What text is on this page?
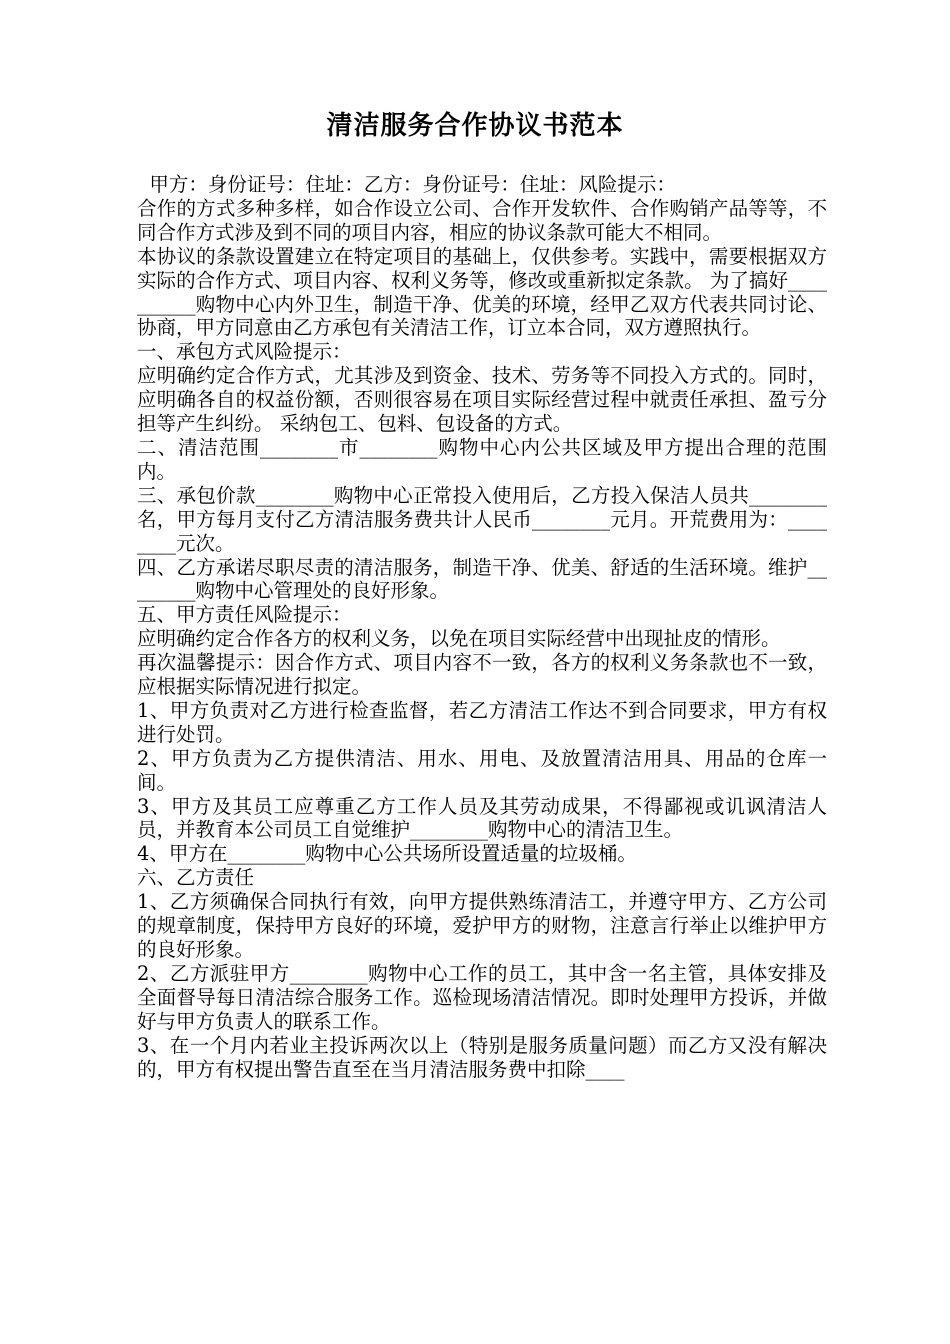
清洁服务合作协议书范本

甲方：身份证号：住址：乙方：身份证号：住址：风险提示：

合作的方式多种多样，如合作设立公司、合作开发软件、合作购销产品等等，不同合作方式涉及到不同的项目内容，相应的协议条款可能大不相同。

本协议的条款设置建立在特定项目的基础上，仅供参考。实践中，需要根据双方实际的合作方式、项目内容、权利义务等，修改或重新拟定条款。 为了搞好__________购物中心内外卫生，制造干净、优美的环境，经甲乙双方代表共同讨论、协商，甲方同意由乙方承包有关清洁工作，订立本合同，双方遵照执行。

一、承包方式风险提示：

应明确约定合作方式，尤其涉及到资金、技术、劳务等不同投入方式的。同时，应明确各自的权益份额，否则很容易在项目实际经营过程中就责任承担、盈亏分担等产生纠纷。 采纳包工、包料、包设备的方式。

二、清洁范围________市________购物中心内公共区域及甲方提出合理的范围内。

三、承包价款________购物中心正常投入使用后，乙方投入保洁人员共________名，甲方每月支付乙方清洁服务费共计人民币________元月。开荒费用为：________元次。

四、乙方承诺尽职尽责的清洁服务，制造干净、优美、舒适的生活环境。维护________购物中心管理处的良好形象。

五、甲方责任风险提示：

应明确约定合作各方的权利义务，以免在项目实际经营中出现扯皮的情形。

再次温馨提示：因合作方式、项目内容不一致，各方的权利义务条款也不一致，应根据实际情况进行拟定。

1、甲方负责对乙方进行检查监督，若乙方清洁工作达不到合同要求，甲方有权进行处罚。

2、甲方负责为乙方提供清洁、用水、用电、及放置清洁用具、用品的仓库一间。

3、甲方及其员工应尊重乙方工作人员及其劳动成果，不得鄙视或讥讽清洁人员，并教育本公司员工自觉维护________购物中心的清洁卫生。

4、甲方在________购物中心公共场所设置适量的垃圾桶。

六、乙方责任

1、乙方须确保合同执行有效，向甲方提供熟练清洁工，并遵守甲方、乙方公司的规章制度，保持甲方良好的环境，爱护甲方的财物，注意言行举止以维护甲方的良好形象。

2、乙方派驻甲方________购物中心工作的员工，其中含一名主管，具体安排及全面督导每日清洁综合服务工作。巡检现场清洁情况。即时处理甲方投诉，并做好与甲方负责人的联系工作。

3、在一个月内若业主投诉两次以上（特别是服务质量问题）而乙方又没有解决的，甲方有权提出警告直至在当月清洁服务费中扣除____
